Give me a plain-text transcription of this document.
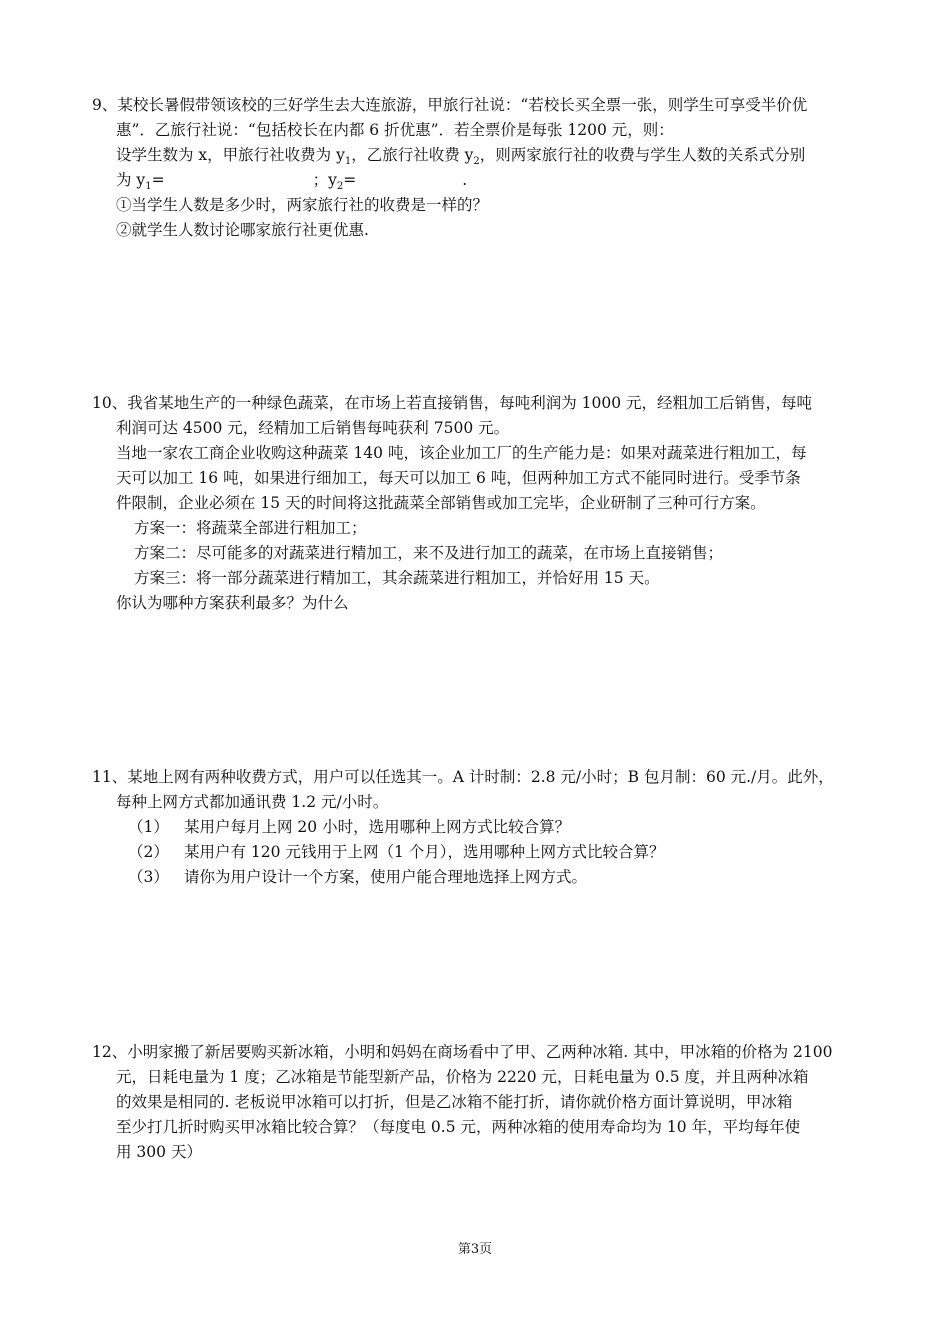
9、某校长暑假带领该校的三好学生去大连旅游，甲旅行社说：“若校长买全票一张，则学生可享受半价优
惠”．乙旅行社说：“包括校长在内都 6 折优惠”．若全票价是每张 1200 元，则：
设学生数为 x，甲旅行社收费为 $y_1$，乙旅行社收费 $y_2$，则两家旅行社的收费与学生人数的关系式分别
为 $y_1=$	；$y_2=$	.
①当学生人数是多少时，两家旅行社的收费是一样的？
②就学生人数讨论哪家旅行社更优惠.
10、我省某地生产的一种绿色蔬菜，在市场上若直接销售，每吨利润为 1000 元，经粗加工后销售，每吨
利润可达 4500 元，经精加工后销售每吨获利 7500 元。
当地一家农工商企业收购这种蔬菜 140 吨，该企业加工厂的生产能力是：如果对蔬菜进行粗加工，每
天可以加工 16 吨，如果进行细加工，每天可以加工 6 吨，但两种加工方式不能同时进行。受季节条
件限制，企业必须在 15 天的时间将这批蔬菜全部销售或加工完毕，企业研制了三种可行方案。
方案一：将蔬菜全部进行粗加工；
方案二：尽可能多的对蔬菜进行精加工，来不及进行加工的蔬菜，在市场上直接销售；
方案三：将一部分蔬菜进行精加工，其余蔬菜进行粗加工，并恰好用 15 天。
你认为哪种方案获利最多？为什么
11、某地上网有两种收费方式，用户可以任选其一。A 计时制：2.8 元/小时；B 包月制：60 元./月。此外，
每种上网方式都加通讯费 1.2 元/小时。
（1） 某用户每月上网 20 小时，选用哪种上网方式比较合算？
（2） 某用户有 120 元钱用于上网（1 个月），选用哪种上网方式比较合算？
（3） 请你为用户设计一个方案，使用户能合理地选择上网方式。
12、小明家搬了新居要购买新冰箱，小明和妈妈在商场看中了甲、乙两种冰箱. 其中，甲冰箱的价格为 2100
元，日耗电量为 1 度；乙冰箱是节能型新产品，价格为 2220 元，日耗电量为 0.5 度，并且两种冰箱
的效果是相同的. 老板说甲冰箱可以打折，但是乙冰箱不能打折，请你就价格方面计算说明，甲冰箱
至少打几折时购买甲冰箱比较合算？（每度电 0.5 元，两种冰箱的使用寿命均为 10 年，平均每年使
用 300 天）
第3页
